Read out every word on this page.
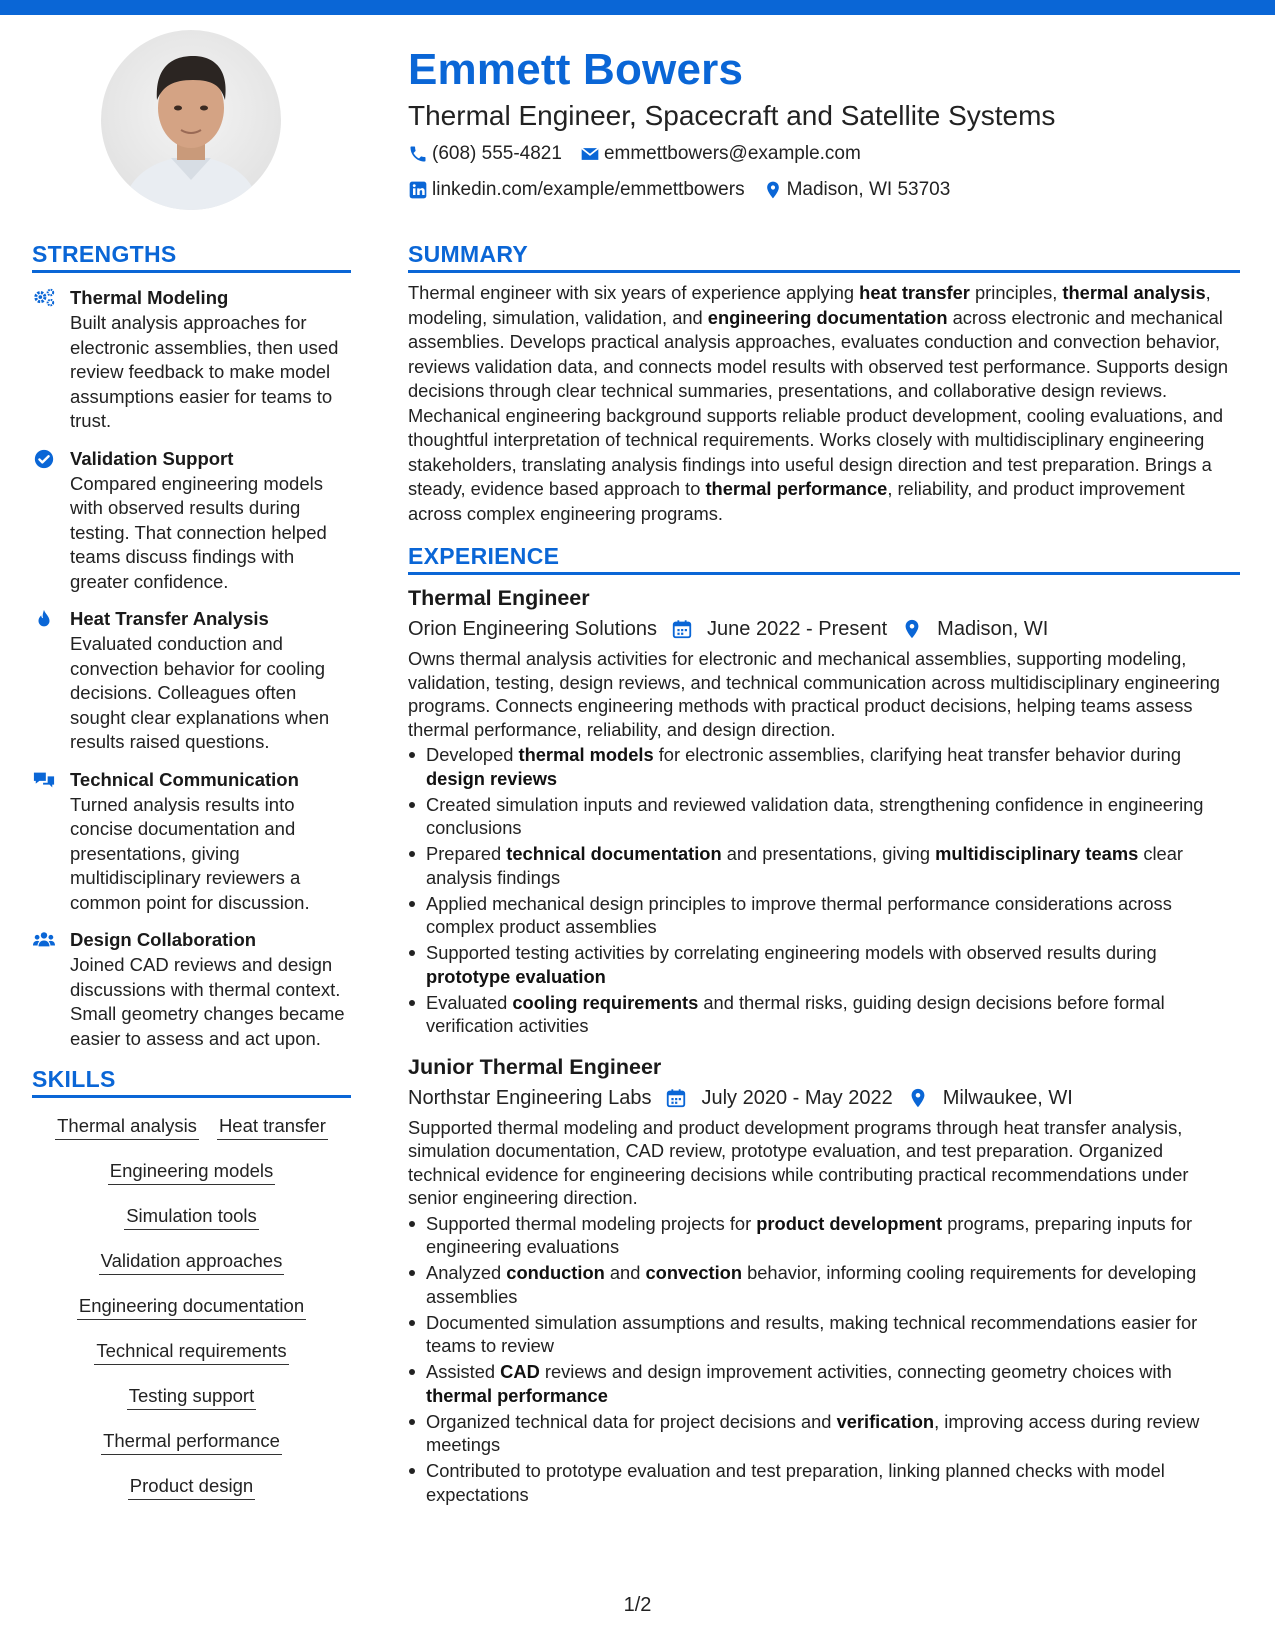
Emmett Bowers
Thermal Engineer, Spacecraft and Satellite Systems
(608) 555-4821 emmettbowers@example.com
linkedin.com/example/emmettbowers Madison, WI 53703
STRENGTHS
Thermal Modeling
Built analysis approaches for electronic assemblies, then used review feedback to make model assumptions easier for teams to trust.
Validation Support
Compared engineering models with observed results during testing. That connection helped teams discuss findings with greater confidence.
Heat Transfer Analysis
Evaluated conduction and convection behavior for cooling decisions. Colleagues often sought clear explanations when results raised questions.
Technical Communication
Turned analysis results into concise documentation and presentations, giving multidisciplinary reviewers a common point for discussion.
Design Collaboration
Joined CAD reviews and design discussions with thermal context. Small geometry changes became easier to assess and act upon.
SKILLS
Thermal analysis Heat transfer
Engineering models
Simulation tools
Validation approaches
Engineering documentation
Technical requirements
Testing support
Thermal performance
Product design
SUMMARY
Thermal engineer with six years of experience applying heat transfer principles, thermal analysis, modeling, simulation, validation, and engineering documentation across electronic and mechanical assemblies. Develops practical analysis approaches, evaluates conduction and convection behavior, reviews validation data, and connects model results with observed test performance. Supports design decisions through clear technical summaries, presentations, and collaborative design reviews. Mechanical engineering background supports reliable product development, cooling evaluations, and thoughtful interpretation of technical requirements. Works closely with multidisciplinary engineering stakeholders, translating analysis findings into useful design direction and test preparation. Brings a steady, evidence based approach to thermal performance, reliability, and product improvement across complex engineering programs.
EXPERIENCE
Thermal Engineer
Orion Engineering Solutions	June 2022 - Present	Madison, WI
Owns thermal analysis activities for electronic and mechanical assemblies, supporting modeling, validation, testing, design reviews, and technical communication across multidisciplinary engineering programs. Connects engineering methods with practical product decisions, helping teams assess thermal performance, reliability, and design direction.
Developed thermal models for electronic assemblies, clarifying heat transfer behavior during design reviews
Created simulation inputs and reviewed validation data, strengthening confidence in engineering conclusions
Prepared technical documentation and presentations, giving multidisciplinary teams clear analysis findings
Applied mechanical design principles to improve thermal performance considerations across complex product assemblies
Supported testing activities by correlating engineering models with observed results during prototype evaluation
Evaluated cooling requirements and thermal risks, guiding design decisions before formal verification activities
Junior Thermal Engineer
Northstar Engineering Labs	July 2020 - May 2022	Milwaukee, WI
Supported thermal modeling and product development programs through heat transfer analysis, simulation documentation, CAD review, prototype evaluation, and test preparation. Organized technical evidence for engineering decisions while contributing practical recommendations under senior engineering direction.
Supported thermal modeling projects for product development programs, preparing inputs for engineering evaluations
Analyzed conduction and convection behavior, informing cooling requirements for developing assemblies
Documented simulation assumptions and results, making technical recommendations easier for teams to review
Assisted CAD reviews and design improvement activities, connecting geometry choices with thermal performance
Organized technical data for project decisions and verification, improving access during review meetings
Contributed to prototype evaluation and test preparation, linking planned checks with model expectations
1/2
